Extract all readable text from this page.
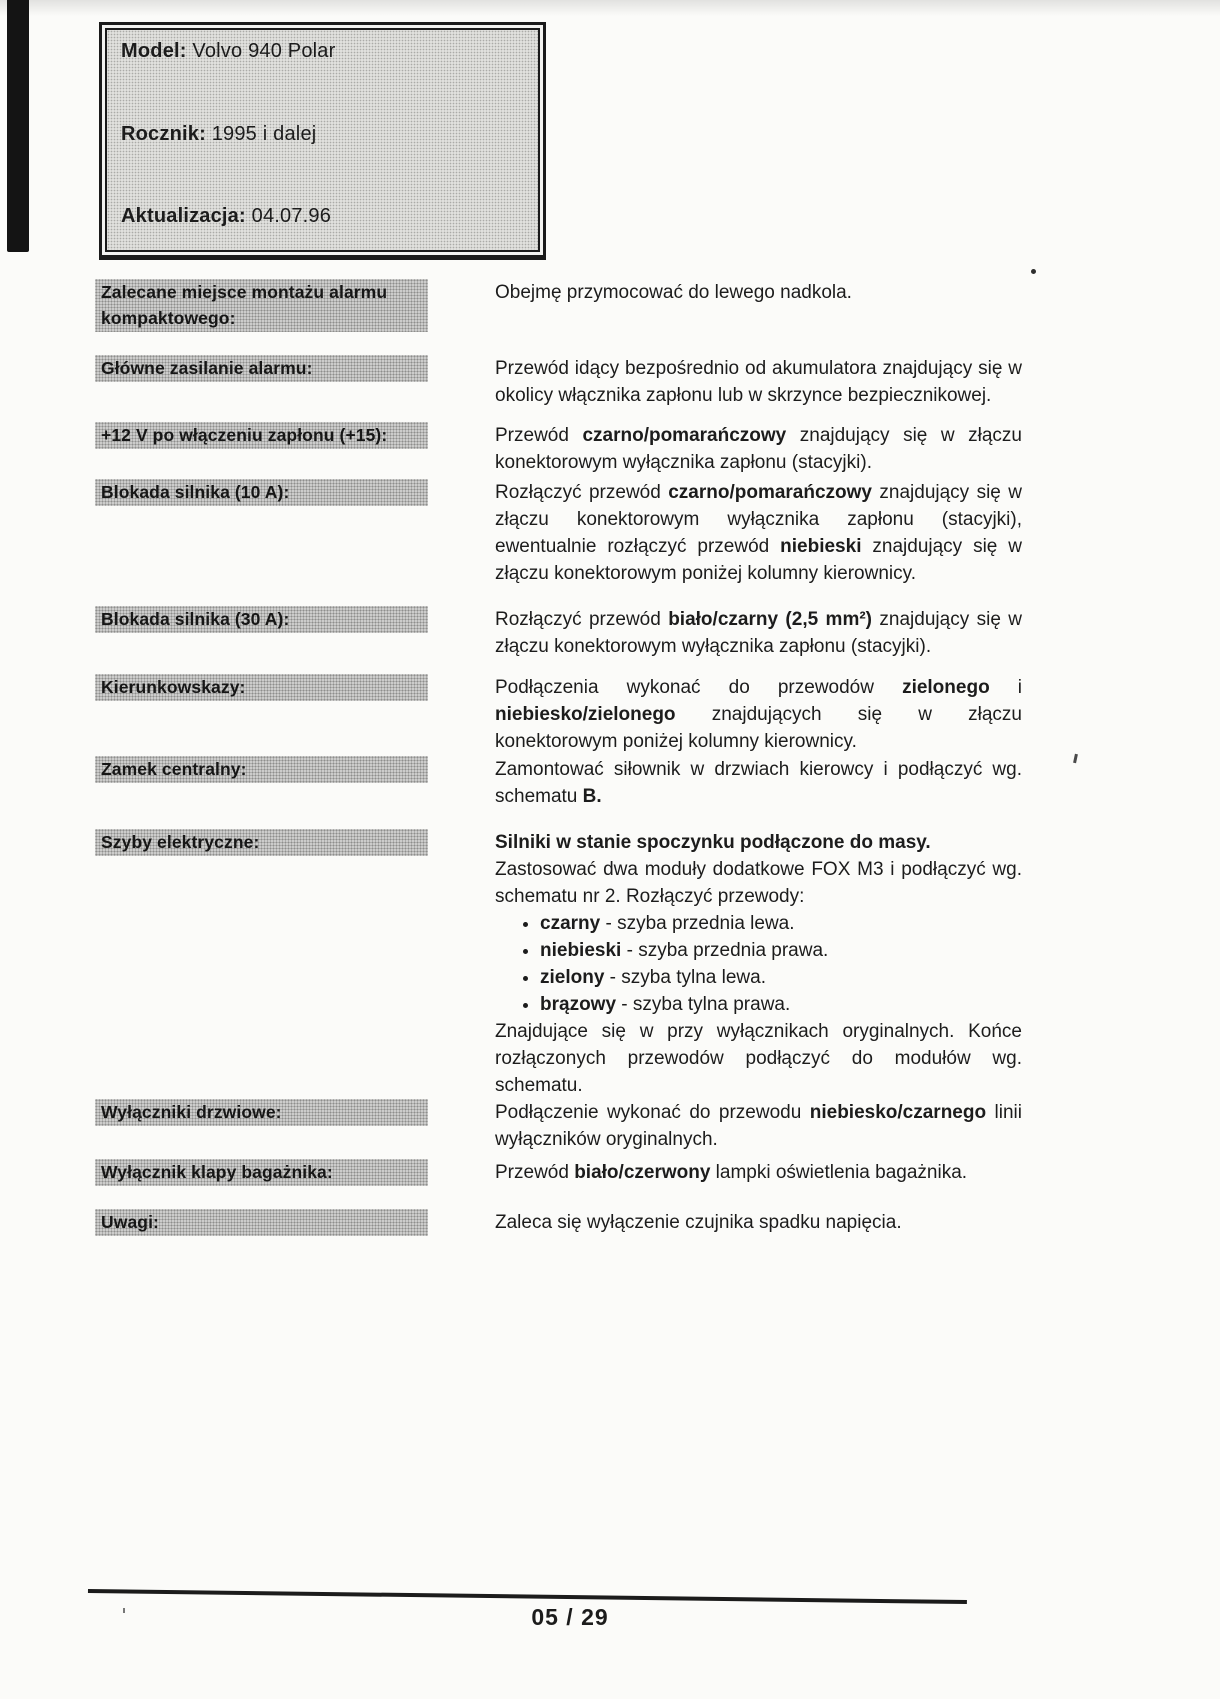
Model: Volvo 940 Polar
Rocznik: 1995 i dalej
Aktualizacja: 04.07.96
Zalecane miejsce montażu alarmu kompaktowego:
Obejmę przymocować do lewego nadkola.
Główne zasilanie alarmu:	Przewód idący bezpośrednio od akumulatora znajdujący się w okolicy włącznika zapłonu lub w skrzynce bezpiecznikowej.
+12 V po włączeniu zapłonu (+15):	Przewód czarno/pomarańczowy znajdujący się w złączu konektorowym wyłącznika zapłonu (stacyjki).
Blokada silnika (10 A):	Rozłączyć przewód czarno/pomarańczowy znajdujący się w złączu konektorowym wyłącznika zapłonu (stacyjki), ewentualnie rozłączyć przewód niebieski znajdujący się w złączu konektorowym poniżej kolumny kierownicy.
Blokada silnika (30 A):	Rozłączyć przewód biało/czarny (2,5 mm²) znajdujący się w złączu konektorowym wyłącznika zapłonu (stacyjki).
Kierunkowskazy:	Podłączenia wykonać do przewodów zielonego i niebiesko/zielonego znajdujących się w złączu konektorowym poniżej kolumny kierownicy.
Zamek centralny:	Zamontować siłownik w drzwiach kierowcy i podłączyć wg. schematu B.
Szyby elektryczne:	Silniki w stanie spoczynku podłączone do masy.
Zastosować dwa moduły dodatkowe FOX M3 i podłączyć wg. schematu nr 2. Rozłączyć przewody:
• czarny - szyba przednia lewa.
• niebieski - szyba przednia prawa.
• zielony - szyba tylna lewa.
• brązowy - szyba tylna prawa.
Znajdujące się w przy wyłącznikach oryginalnych. Końce rozłączonych przewodów podłączyć do modułów wg. schematu.
Wyłączniki drzwiowe:	Podłączenie wykonać do przewodu niebiesko/czarnego linii wyłączników oryginalnych.
Wyłącznik klapy bagażnika:	Przewód biało/czerwony lampki oświetlenia bagażnika.
Uwagi:	Zaleca się wyłączenie czujnika spadku napięcia.
05 / 29
